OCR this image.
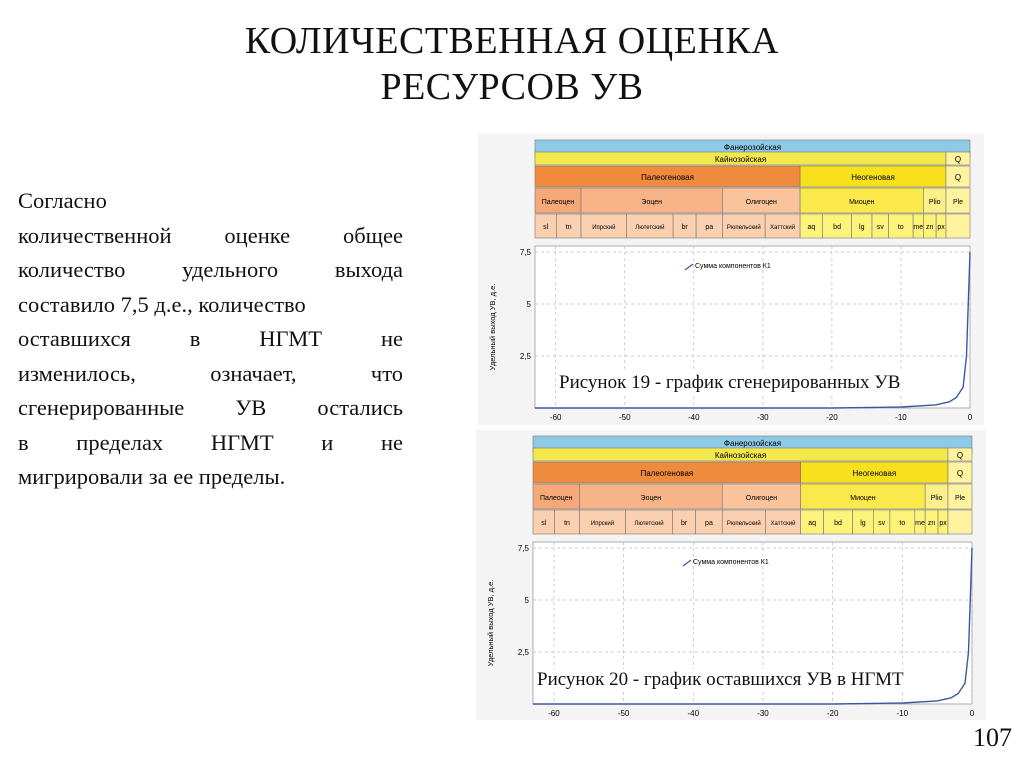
КОЛИЧЕСТВЕННАЯ ОЦЕНКА
РЕСУРСОВ УВ
Согласно
количественной оценке общее
количество	удельного	выхода
составило 7,5 д.е., количество
оставшихся	в	НГМТ	не
изменилось,	означает,	что
сгенерированные УВ остались
в пределах НГМТ и не
мигрировали за ее пределы.
Фанерозойская
Кайнозойская	Q
Палеогеновая	Неогеновая	Q
Палеоцен	Эоцен	Олигоцен	Миоцен	Plio Ple
sl	tn	Ипрский	Лютетский br	pa Рюпельский Хаттский aq	bd	lg sv to me zn px
-60	-50	-40	-30	-20	-10	0
2,5
5
7,5
Удельный выход УВ, д.е.
Сумма компонентов К1
Рисунок 19 - график сгенерированных УВ
Фанерозойская
Кайнозойская	Q
Палеогеновая	Неогеновая	Q
Палеоцен	Эоцен	Олигоцен	Миоцен	Plio Ple
sl	tn	Ипрский	Лютетский br	pa Рюпельский Хаттский aq	bd	lg sv to me zn px
-60	-50	-40	-30	-20	-10	0
2,5
5
7,5
Удельный выход УВ, д.е.
Сумма компонентов К1
Рисунок 20 - график оставшихся УВ в НГМТ
107
